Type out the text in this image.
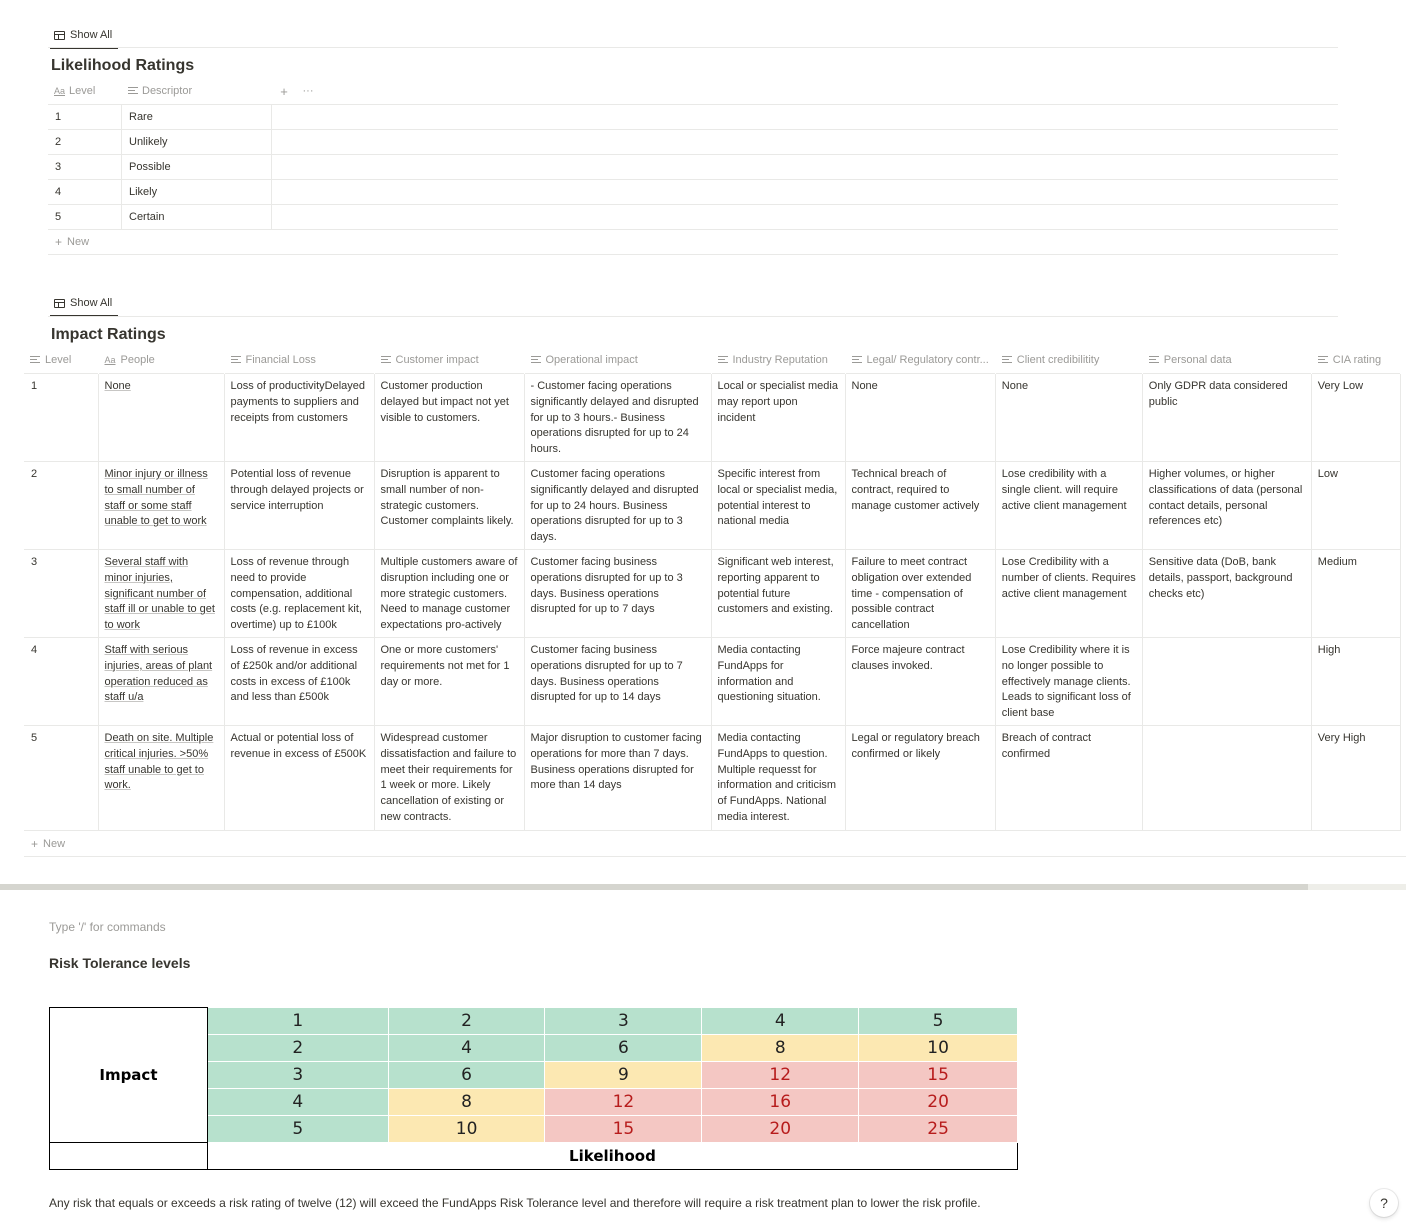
Show All
Likelihood Ratings
Aa Level	Descriptor	+	···
1	Rare
2	Unlikely
3	Possible
4	Likely
5	Certain
+ New
Show All
Impact Ratings
Level	Aa People	Financial Loss	Customer impact	Operational impact	Industry Reputation	Legal/ Regulatory contr...	Client credibilitity	Personal data	CIA rating

1	None	Loss of productivityDelayed payments to suppliers and receipts from customers	Customer production delayed but impact not yet visible to customers.	- Customer facing operations significantly delayed and disrupted for up to 3 hours.- Business operations disrupted for up to 24 hours.	Local or specialist media may report upon incident	None	None	Only GDPR data considered public	Very Low
2	Minor injury or illness to small number of staff or some staff unable to get to work	Potential loss of revenue through delayed projects or service interruption	Disruption is apparent to small number of non-strategic customers. Customer complaints likely.	Customer facing operations significantly delayed and disrupted for up to 24 hours. Business operations disrupted for up to 3 days.	Specific interest from local or specialist media, potential interest to national media	Technical breach of contract, required to manage customer actively	Lose credibility with a single client. will require active client management	Higher volumes, or higher classifications of data (personal contact details, personal references etc)	Low
3	Several staff with minor injuries, significant number of staff ill or unable to get to work	Loss of revenue through need to provide compensation, additional costs (e.g. replacement kit, overtime) up to £100k	Multiple customers aware of disruption including one or more strategic customers. Need to manage customer expectations pro-actively	Customer facing business operations disrupted for up to 3 days. Business operations disrupted for up to 7 days	Significant web interest, reporting apparent to potential future customers and existing.	Failure to meet contract obligation over extended time - compensation of possible contract cancellation	Lose Credibility with a number of clients. Requires active client management	Sensitive data (DoB, bank details, passport, background checks etc)	Medium
4	Staff with serious injuries, areas of plant operation reduced as staff u/a	Loss of revenue in excess of £250k and/or additional costs in excess of £100k and less than £500k	One or more customers' requirements not met for 1 day or more.	Customer facing business operations disrupted for up to 7 days. Business operations disrupted for up to 14 days	Media contacting FundApps for information and questioning situation.	Force majeure contract clauses invoked.	Lose Credibility where it is no longer possible to effectively manage clients. Leads to significant loss of client base		High
5	Death on site. Multiple critical injuries. >50% staff unable to get to work.	Actual or potential loss of revenue in excess of £500K	Widespread customer dissatisfaction and failure to meet their requirements for 1 week or more. Likely cancellation of existing or new contracts.	Major disruption to customer facing operations for more than 7 days. Business operations disrupted for more than 14 days	Media contacting FundApps to question. Multiple requesst for information and criticism of FundApps. National media interest.	Legal or regulatory breach confirmed or likely	Breach of contract confirmed		Very High
+ New
Type '/' for commands
Risk Tolerance levels
Impact	1	2	3	4	5
	2	4	6	8	10
	3	6	9	12	15
	4	8	12	16	20
	5	10	15	20	25
	Likelihood				
Any risk that equals or exceeds a risk rating of twelve (12) will exceed the FundApps Risk Tolerance level and therefore will require a risk treatment plan to lower the risk profile.	?
